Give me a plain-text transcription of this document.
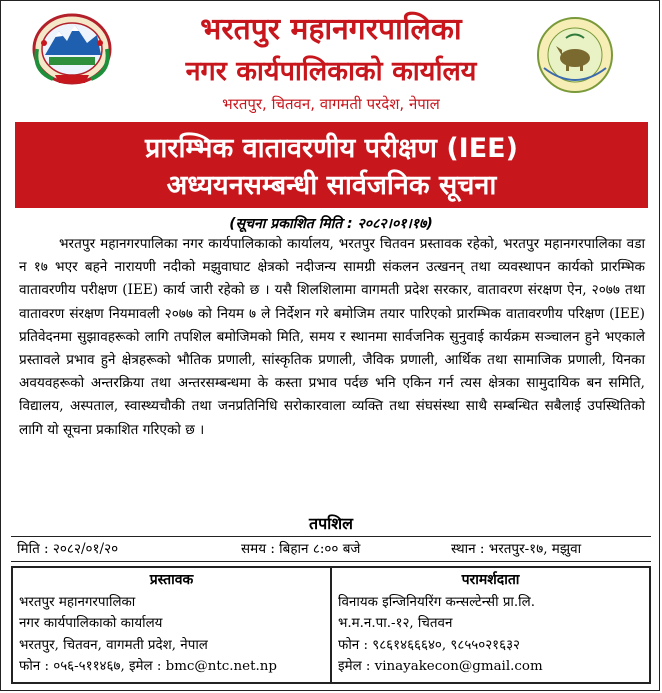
भरतपुर महानगरपालिका
नगर कार्यपालिकाको कार्यालय
भरतपुर, चितवन, वागमती परदेश, नेपाल
प्रारम्भिक वातावरणीय परीक्षण (IEE)
अध्ययनसम्बन्धी सार्वजनिक सूचना
(सूचना प्रकाशित मिति : २०८२।०१।१७)
भरतपुर महानगरपालिका नगर कार्यपालिकाको कार्यालय, भरतपुर चितवन प्रस्तावक रहेको, भरतपुर महानगरपालिका वडा न १७ भएर बहने नारायणी नदीको मझुवाघाट क्षेत्रको नदीजन्य सामग्री संकलन उत्खनन् तथा व्यवस्थापन कार्यको प्रारम्भिक वातावरणीय परीक्षण (IEE) कार्य जारी रहेको छ । यसै शिलशिलामा वागमती प्रदेश सरकार, वातावरण संरक्षण ऐन, २०७७ तथा वातावरण संरक्षण नियमावली २०७७ को नियम ७ ले निर्देशन गरे बमोजिम तयार पारिएको प्रारम्भिक वातावरणीय परिक्षण (IEE) प्रतिवेदनमा सुझावहरूको लागि तपशिल बमोजिमको मिति, समय र स्थानमा सार्वजनिक सुनुवाई कार्यक्रम सञ्चालन हुने भएकाले प्रस्तावले प्रभाव हुने क्षेत्रहरूको भौतिक प्रणाली, सांस्कृतिक प्रणाली, जैविक प्रणाली, आर्थिक तथा सामाजिक प्रणाली, यिनका अवयवहरूको अन्तरक्रिया तथा अन्तरसम्बन्धमा के कस्ता प्रभाव पर्दछ भनि एकिन गर्न त्यस क्षेत्रका सामुदायिक बन समिति, विद्यालय, अस्पताल, स्वास्थ्यचौकी तथा जनप्रतिनिधि सरोकारवाला व्यक्ति तथा संघसंस्था साथै सम्बन्धित सबैलाई उपस्थितिको लागि यो सूचना प्रकाशित गरिएको छ ।
तपशिल
मिति : २०८२/०१/२०	समय : बिहान ८:०० बजे	स्थान : भरतपुर-१७, मझुवा
प्रस्तावक
भरतपुर महानगरपालिका
नगर कार्यपालिकाको कार्यालय
भरतपुर, चितवन, वागमती प्रदेश, नेपाल
फोन : ०५६-५११४६७, इमेल : bmc@ntc.net.np
परामर्शदाता
विनायक इन्जिनियरिंग कन्सल्टेन्सी प्रा.लि.
भ.म.न.पा.-१२, चितवन
फोन : ९८६१४६६६४०, ९८५५०२१६३२
इमेल : vinayakecon@gmail.com
